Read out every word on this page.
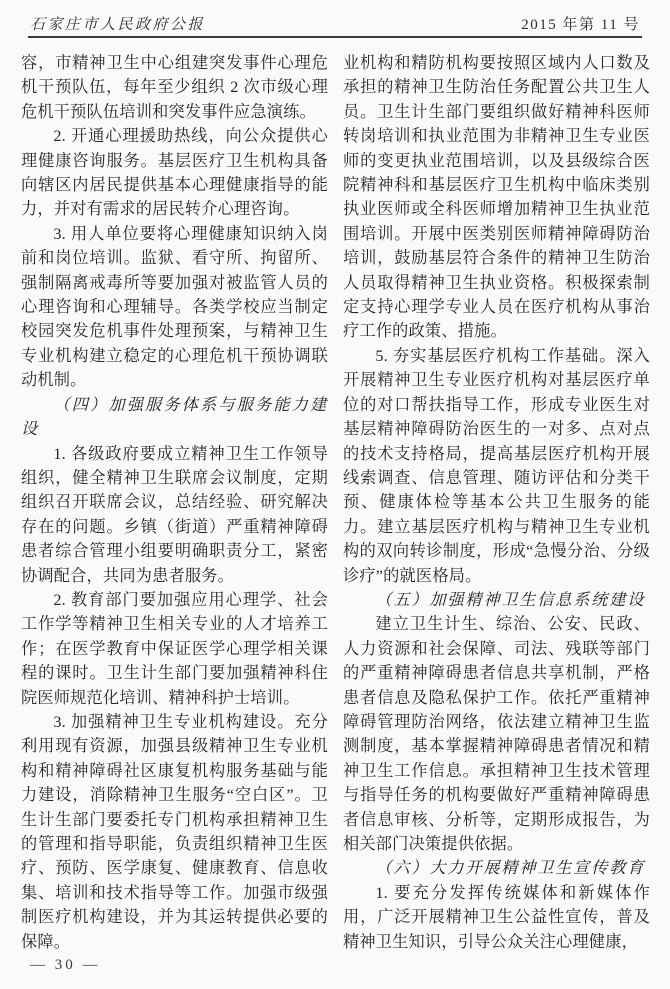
石家庄市人民政府公报	2015 年第 11 号

容，市精神卫生中心组建突发事件心理危机干预队伍，每年至少组织 2 次市级心理危机干预队伍培训和突发事件应急演练。

2. 开通心理援助热线，向公众提供心理健康咨询服务。基层医疗卫生机构具备向辖区内居民提供基本心理健康指导的能力，并对有需求的居民转介心理咨询。

3. 用人单位要将心理健康知识纳入岗前和岗位培训。监狱、看守所、拘留所、强制隔离戒毒所等要加强对被监管人员的心理咨询和心理辅导。各类学校应当制定校园突发危机事件处理预案，与精神卫生专业机构建立稳定的心理危机干预协调联动机制。

（四）加强服务体系与服务能力建设

1. 各级政府要成立精神卫生工作领导组织，健全精神卫生联席会议制度，定期组织召开联席会议，总结经验、研究解决存在的问题。乡镇（街道）严重精神障碍患者综合管理小组要明确职责分工，紧密协调配合，共同为患者服务。

2. 教育部门要加强应用心理学、社会工作学等精神卫生相关专业的人才培养工作；在医学教育中保证医学心理学相关课程的课时。卫生计生部门要加强精神科住院医师规范化培训、精神科护士培训。

3. 加强精神卫生专业机构建设。充分利用现有资源，加强县级精神卫生专业机构和精神障碍社区康复机构服务基础与能力建设，消除精神卫生服务“空白区”。卫生计生部门要委托专门机构承担精神卫生的管理和指导职能，负责组织精神卫生医疗、预防、医学康复、健康教育、信息收集、培训和技术指导等工作。加强市级强制医疗机构建设，并为其运转提供必要的保障。

业机构和精防机构要按照区域内人口数及承担的精神卫生防治任务配置公共卫生人员。卫生计生部门要组织做好精神科医师转岗培训和执业范围为非精神卫生专业医师的变更执业范围培训，以及县级综合医院精神科和基层医疗卫生机构中临床类别执业医师或全科医师增加精神卫生执业范围培训。开展中医类别医师精神障碍防治培训，鼓励基层符合条件的精神卫生防治人员取得精神卫生执业资格。积极探索制定支持心理学专业人员在医疗机构从事治疗工作的政策、措施。

5. 夯实基层医疗机构工作基础。深入开展精神卫生专业医疗机构对基层医疗单位的对口帮扶指导工作，形成专业医生对基层精神障碍防治医生的一对多、点对点的技术支持格局，提高基层医疗机构开展线索调查、信息管理、随访评估和分类干预、健康体检等基本公共卫生服务的能力。建立基层医疗机构与精神卫生专业机构的双向转诊制度，形成“急慢分治、分级诊疗”的就医格局。

（五）加强精神卫生信息系统建设

建立卫生计生、综治、公安、民政、人力资源和社会保障、司法、残联等部门的严重精神障碍患者信息共享机制，严格患者信息及隐私保护工作。依托严重精神障碍管理防治网络，依法建立精神卫生监测制度，基本掌握精神障碍患者情况和精神卫生工作信息。承担精神卫生技术管理与指导任务的机构要做好严重精神障碍患者信息审核、分析等，定期形成报告，为相关部门决策提供依据。

（六）大力开展精神卫生宣传教育

1. 要充分发挥传统媒体和新媒体作用，广泛开展精神卫生公益性宣传，普及精神卫生知识，引导公众关注心理健康，

— 30 —
